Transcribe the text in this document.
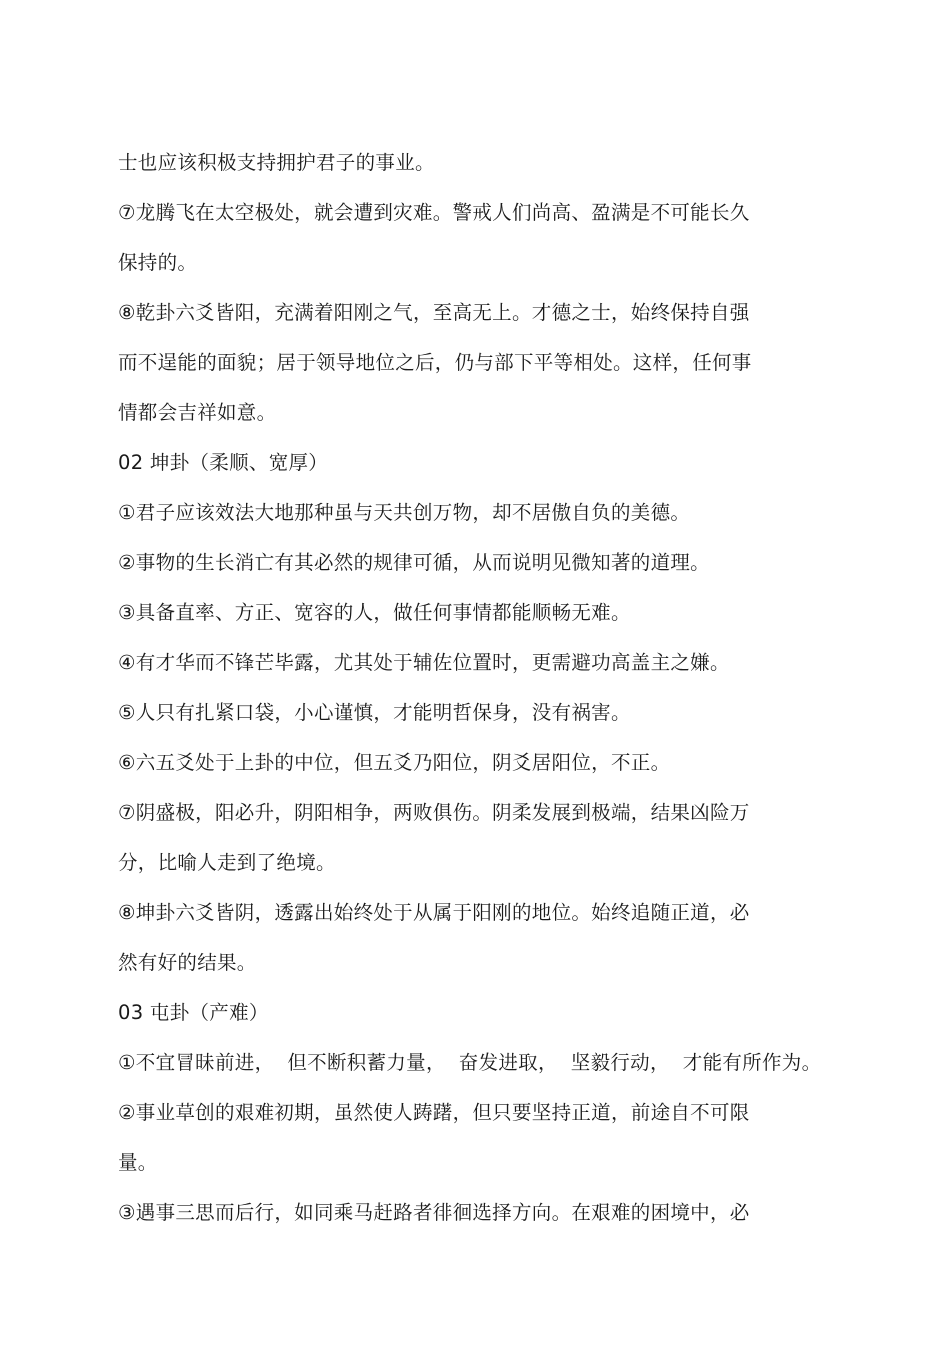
士也应该积极支持拥护君子的事业。
⑦龙腾飞在太空极处，就会遭到灾难。警戒人们尚高、盈满是不可能长久
保持的。
⑧乾卦六爻皆阳，充满着阳刚之气，至高无上。才德之士，始终保持自强
而不逞能的面貌；居于领导地位之后，仍与部下平等相处。这样，任何事
情都会吉祥如意。
02 坤卦（柔顺、宽厚）
①君子应该效法大地那种虽与天共创万物，却不居傲自负的美德。
②事物的生长消亡有其必然的规律可循，从而说明见微知著的道理。
③具备直率、方正、宽容的人，做任何事情都能顺畅无难。
④有才华而不锋芒毕露，尤其处于辅佐位置时，更需避功高盖主之嫌。
⑤人只有扎紧口袋，小心谨慎，才能明哲保身，没有祸害。
⑥六五爻处于上卦的中位，但五爻乃阳位，阴爻居阳位，不正。
⑦阴盛极，阳必升，阴阳相争，两败俱伤。阴柔发展到极端，结果凶险万
分，比喻人走到了绝境。
⑧坤卦六爻皆阴，透露出始终处于从属于阳刚的地位。始终追随正道，必
然有好的结果。
03 屯卦（产难）
①不宜冒昧前进，  但不断积蓄力量，  奋发进取，  坚毅行动，  才能有所作为。
②事业草创的艰难初期，虽然使人踌躇，但只要坚持正道，前途自不可限
量。
③遇事三思而后行，如同乘马赶路者徘徊选择方向。在艰难的困境中，必
